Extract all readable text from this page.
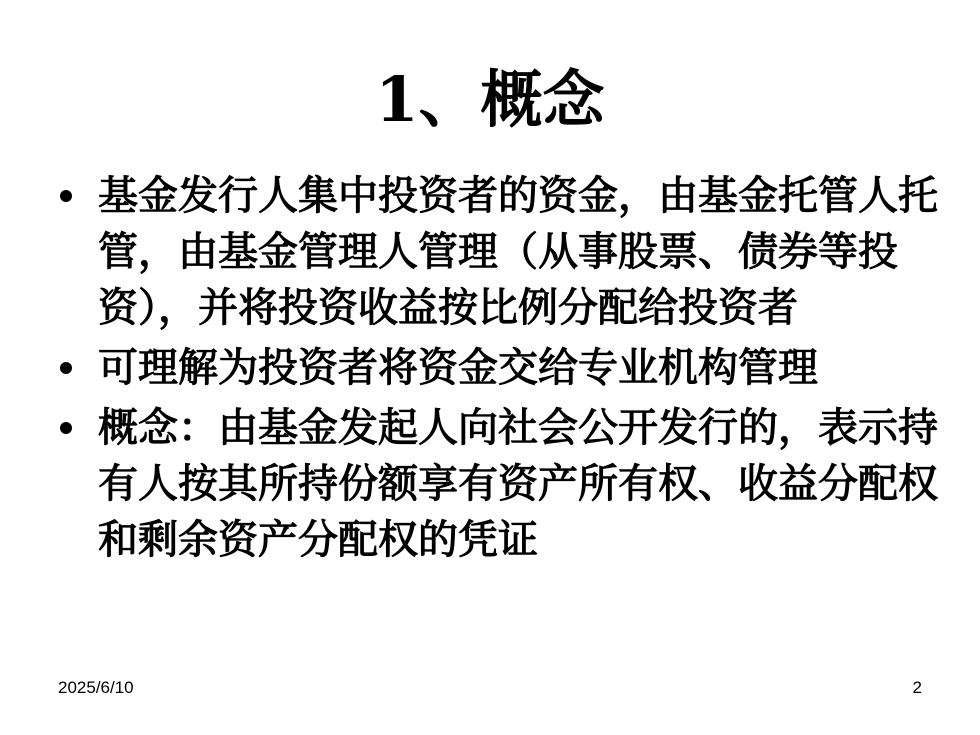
1、概念
基金发行人集中投资者的资金，由基金托管人托管，由基金管理人管理（从事股票、债券等投资），并将投资收益按比例分配给投资者
可理解为投资者将资金交给专业机构管理
概念：由基金发起人向社会公开发行的，表示持有人按其所持份额享有资产所有权、收益分配权和剩余资产分配权的凭证
2025/6/10	2
